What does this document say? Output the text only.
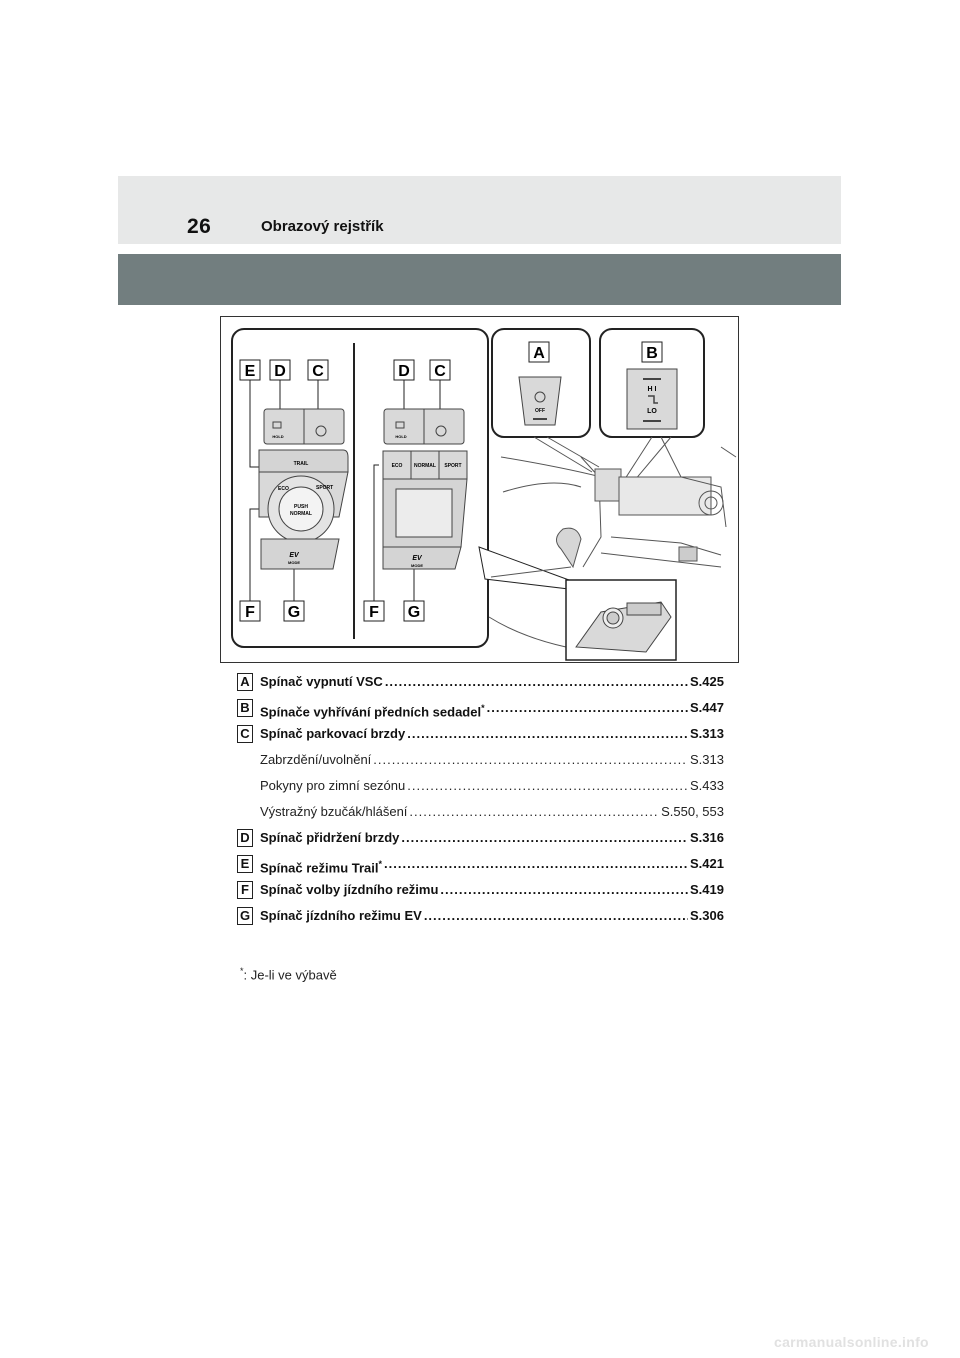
26	Obrazový rejstřík
E D C
F G
HOLD
TRAIL
ECO	SPORT
PUSH
NORMAL
EV
MODE
D C
F G
HOLD
ECO NORMAL SPORT
EV
MODE
A
OFF
B
H I
LO
A Spínač vypnutí VSC .....	S.425
B Spínače vyhřívání předních sedadel* .....	S.447
C Spínač parkovací brzdy .....	S.313
Zabrzdění/uvolnění .....	S.313
Pokyny pro zimní sezónu .....	S.433
Výstražný bzučák/hlášení .....	S.550, 553
D Spínač přidržení brzdy .....	S.316
E Spínač režimu Trail* .....	S.421
F Spínač volby jízdního režimu .....	S.419
G Spínač jízdního režimu EV .....	S.306
*: Je-li ve výbavě
carmanualsonline.info
